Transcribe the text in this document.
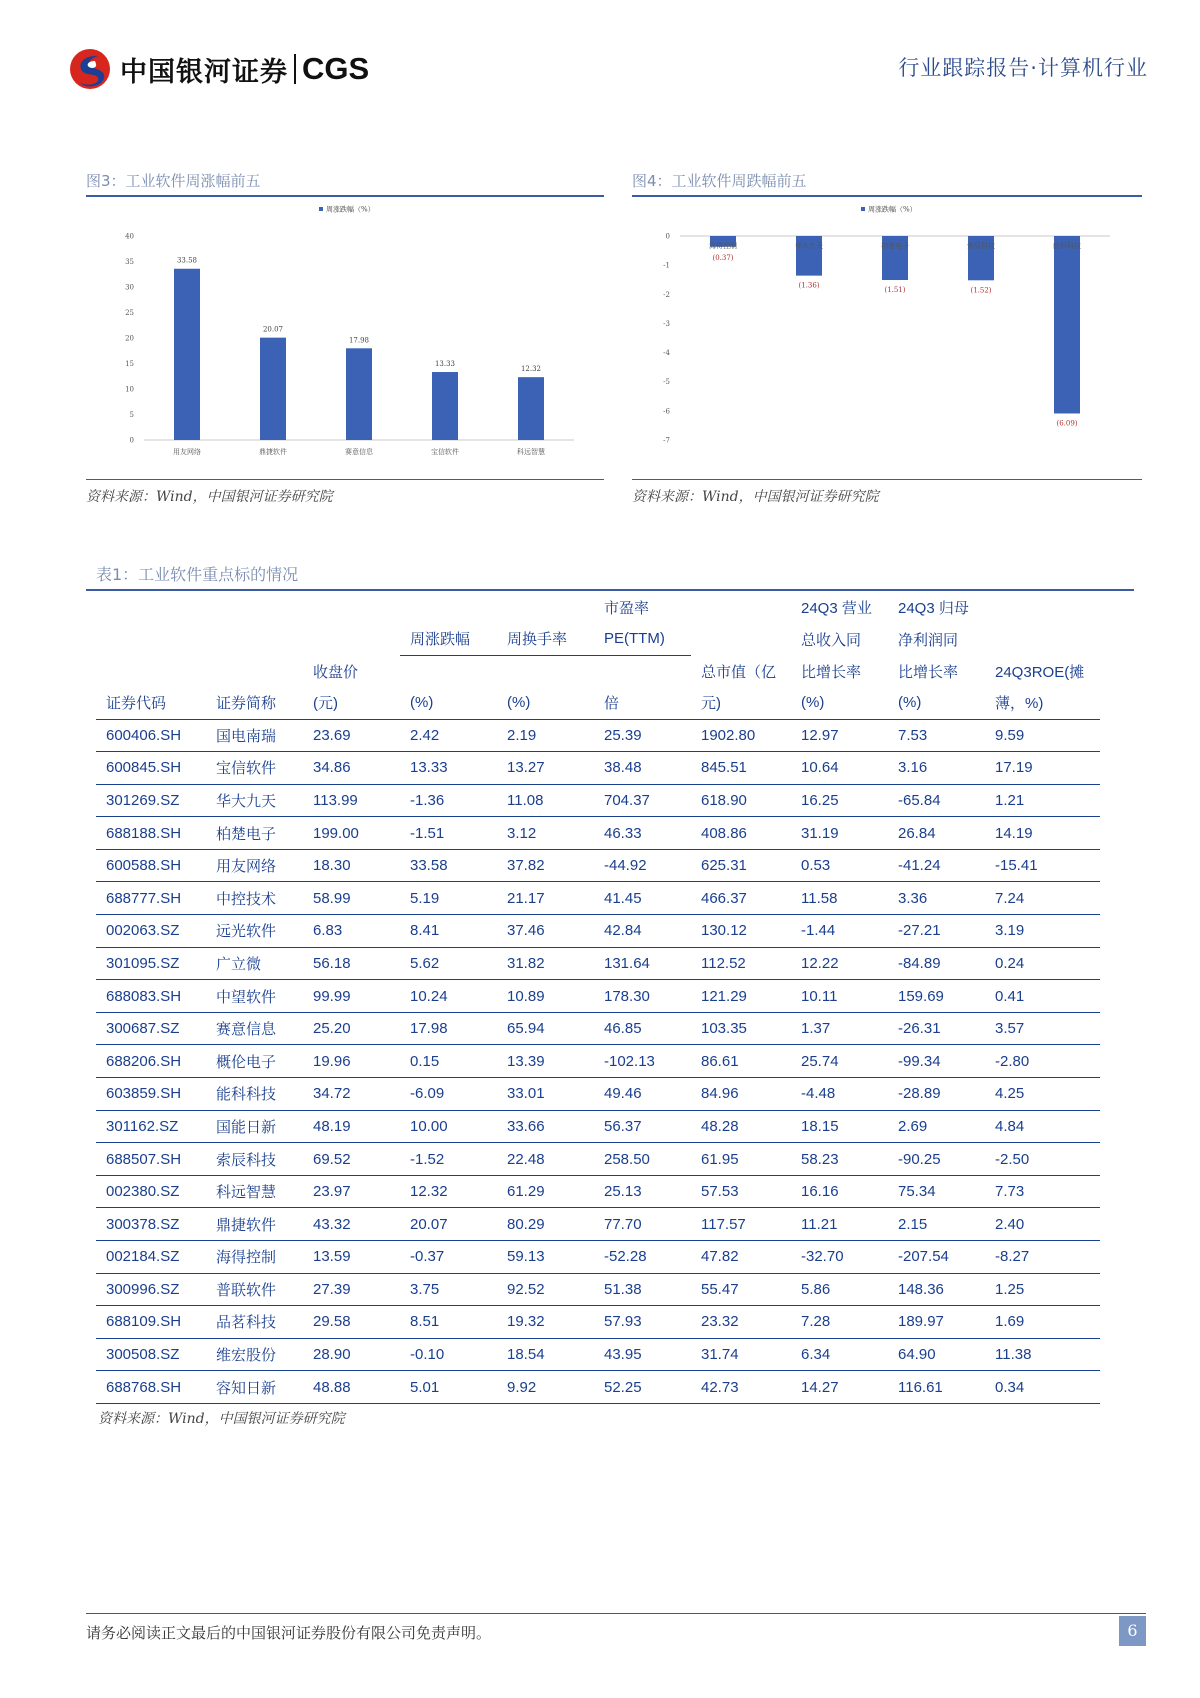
中国银河证券 CGS	行业跟踪报告·计算机行业
图3：工业软件周涨幅前五
周涨跌幅（%）
0
5
10
15
20
25
30
35
40
33.58
用友网络
20.07
鼎捷软件
17.98
赛意信息
13.33
宝信软件
12.32
科远智慧
资料来源：Wind，中国银河证券研究院
图4：工业软件周跌幅前五
周涨跌幅（%）
0
-1
-2
-3
-4
-5
-6
-7
(0.37)
海得控制
(1.36)
华大九天
(1.51)
柏楚电子
(1.52)
索辰科技
(6.09)
能科科技
资料来源：Wind，中国银河证券研究院
表1：工业软件重点标的情况
					市盈率		24Q3 营业	24Q3 归母	
			周涨跌幅	周换手率	PE(TTM)		总收入同	净利润同	
		收盘价				总市值（亿	比增长率	比增长率	24Q3ROE(摊
证券代码	证券简称	(元)	(%)	(%)	倍	元)	(%)	(%)	薄，%)
600406.SH	国电南瑞	23.69	2.42	2.19	25.39	1902.80	12.97	7.53	9.59
600845.SH	宝信软件	34.86	13.33	13.27	38.48	845.51	10.64	3.16	17.19
301269.SZ	华大九天	113.99	-1.36	11.08	704.37	618.90	16.25	-65.84	1.21
688188.SH	柏楚电子	199.00	-1.51	3.12	46.33	408.86	31.19	26.84	14.19
600588.SH	用友网络	18.30	33.58	37.82	-44.92	625.31	0.53	-41.24	-15.41
688777.SH	中控技术	58.99	5.19	21.17	41.45	466.37	11.58	3.36	7.24
002063.SZ	远光软件	6.83	8.41	37.46	42.84	130.12	-1.44	-27.21	3.19
301095.SZ	广立微	56.18	5.62	31.82	131.64	112.52	12.22	-84.89	0.24
688083.SH	中望软件	99.99	10.24	10.89	178.30	121.29	10.11	159.69	0.41
300687.SZ	赛意信息	25.20	17.98	65.94	46.85	103.35	1.37	-26.31	3.57
688206.SH	概伦电子	19.96	0.15	13.39	-102.13	86.61	25.74	-99.34	-2.80
603859.SH	能科科技	34.72	-6.09	33.01	49.46	84.96	-4.48	-28.89	4.25
301162.SZ	国能日新	48.19	10.00	33.66	56.37	48.28	18.15	2.69	4.84
688507.SH	索辰科技	69.52	-1.52	22.48	258.50	61.95	58.23	-90.25	-2.50
002380.SZ	科远智慧	23.97	12.32	61.29	25.13	57.53	16.16	75.34	7.73
300378.SZ	鼎捷软件	43.32	20.07	80.29	77.70	117.57	11.21	2.15	2.40
002184.SZ	海得控制	13.59	-0.37	59.13	-52.28	47.82	-32.70	-207.54	-8.27
300996.SZ	普联软件	27.39	3.75	92.52	51.38	55.47	5.86	148.36	1.25
688109.SH	品茗科技	29.58	8.51	19.32	57.93	23.32	7.28	189.97	1.69
300508.SZ	维宏股份	28.90	-0.10	18.54	43.95	31.74	6.34	64.90	11.38
688768.SH	容知日新	48.88	5.01	9.92	52.25	42.73	14.27	116.61	0.34
资料来源：Wind，中国银河证券研究院
请务必阅读正文最后的中国银河证券股份有限公司免责声明。	6
